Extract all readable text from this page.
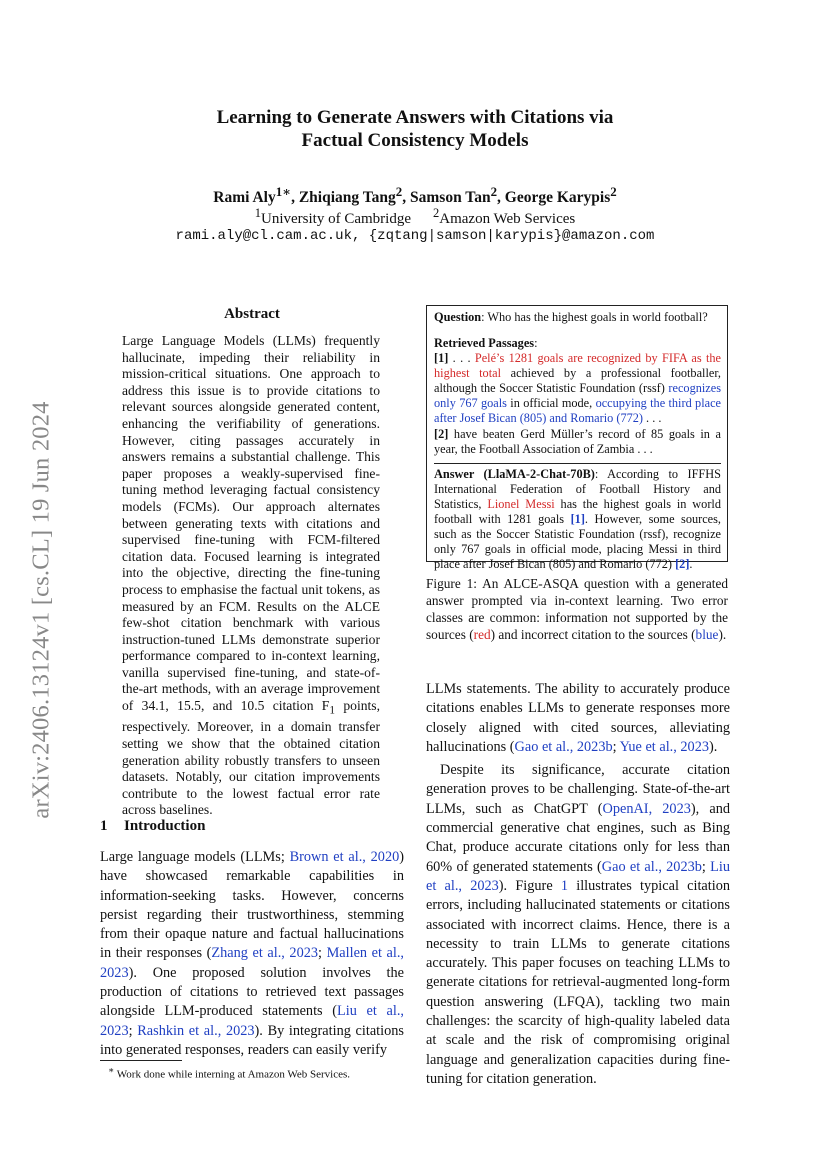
arXiv:2406.13124v1 [cs.CL] 19 Jun 2024
Learning to Generate Answers with Citations via
Factual Consistency Models
Rami Aly$^{1∗}$, Zhiqiang Tang$^2$, Samson Tan$^2$, George Karypis$^2$
$^1$University of Cambridge $^2$Amazon Web Services
rami.aly@cl.cam.ac.uk, {zqtang|samson|karypis}@amazon.com
Abstract
Large Language Models (LLMs) frequently hallucinate, impeding their reliability in mission-critical situations. One approach to address this issue is to provide citations to relevant sources alongside generated content, enhancing the verifiability of generations. However, citing passages accurately in answers remains a substantial challenge. This paper proposes a weakly-supervised fine-tuning method leveraging factual consistency models (FCMs). Our approach alternates between generating texts with citations and supervised fine-tuning with FCM-filtered citation data. Focused learning is integrated into the objective, directing the fine-tuning process to emphasise the factual unit tokens, as measured by an FCM. Results on the ALCE few-shot citation benchmark with various instruction-tuned LLMs demonstrate superior performance compared to in-context learning, vanilla supervised fine-tuning, and state-of-the-art methods, with an average improvement of 34.1, 15.5, and 10.5 citation $F_1$ points, respectively. Moreover, in a domain transfer setting we show that the obtained citation generation ability robustly transfers to unseen datasets. Notably, our citation improvements contribute to the lowest factual error rate across baselines.
1 Introduction
Large language models (LLMs; Brown et al., 2020) have showcased remarkable capabilities in information-seeking tasks. However, concerns persist regarding their trustworthiness, stemming from their opaque nature and factual hallucinations in their responses (Zhang et al., 2023; Mallen et al., 2023). One proposed solution involves the production of citations to retrieved text passages alongside LLM-produced statements (Liu et al., 2023; Rashkin et al., 2023). By integrating citations into generated responses, readers can easily verify
∗ Work done while interning at Amazon Web Services.

Question: Who has the highest goals in world football?

Retrieved Passages:

[1] . . . Pelé’s 1281 goals are recognized by FIFA as the highest total achieved by a professional footballer, although the Soccer Statistic Foundation (rssf) recognizes only 767 goals in official mode, occupying the third place after Josef Bican (805) and Romario (772) . . .

[2] have beaten Gerd Müller’s record of 85 goals in a year, the Football Association of Zambia . . .

Answer (LlaMA-2-Chat-70B): According to IFFHS International Federation of Football History and Statistics, Lionel Messi has the highest goals in world football with 1281 goals [1]. However, some sources, such as the Soccer Statistic Foundation (rssf), recognize only 767 goals in official mode, placing Messi in third place after Josef Bican (805) and Romario (772) [2].

Figure 1: An ALCE-ASQA question with a generated answer prompted via in-context learning. Two error classes are common: information not supported by the sources (red) and incorrect citation to the sources (blue).

LLMs statements. The ability to accurately produce citations enables LLMs to generate responses more closely aligned with cited sources, alleviating hallucinations (Gao et al., 2023b; Yue et al., 2023).

Despite its significance, accurate citation generation proves to be challenging. State-of-the-art LLMs, such as ChatGPT (OpenAI, 2023), and commercial generative chat engines, such as Bing Chat, produce accurate citations only for less than 60% of generated statements (Gao et al., 2023b; Liu et al., 2023). Figure 1 illustrates typical citation errors, including hallucinated statements or citations associated with incorrect claims. Hence, there is a necessity to train LLMs to generate citations accurately. This paper focuses on teaching LLMs to generate citations for retrieval-augmented long-form question answering (LFQA), tackling two main challenges: the scarcity of high-quality labeled data at scale and the risk of compromising original language and generalization capacities during fine-tuning for citation generation.
